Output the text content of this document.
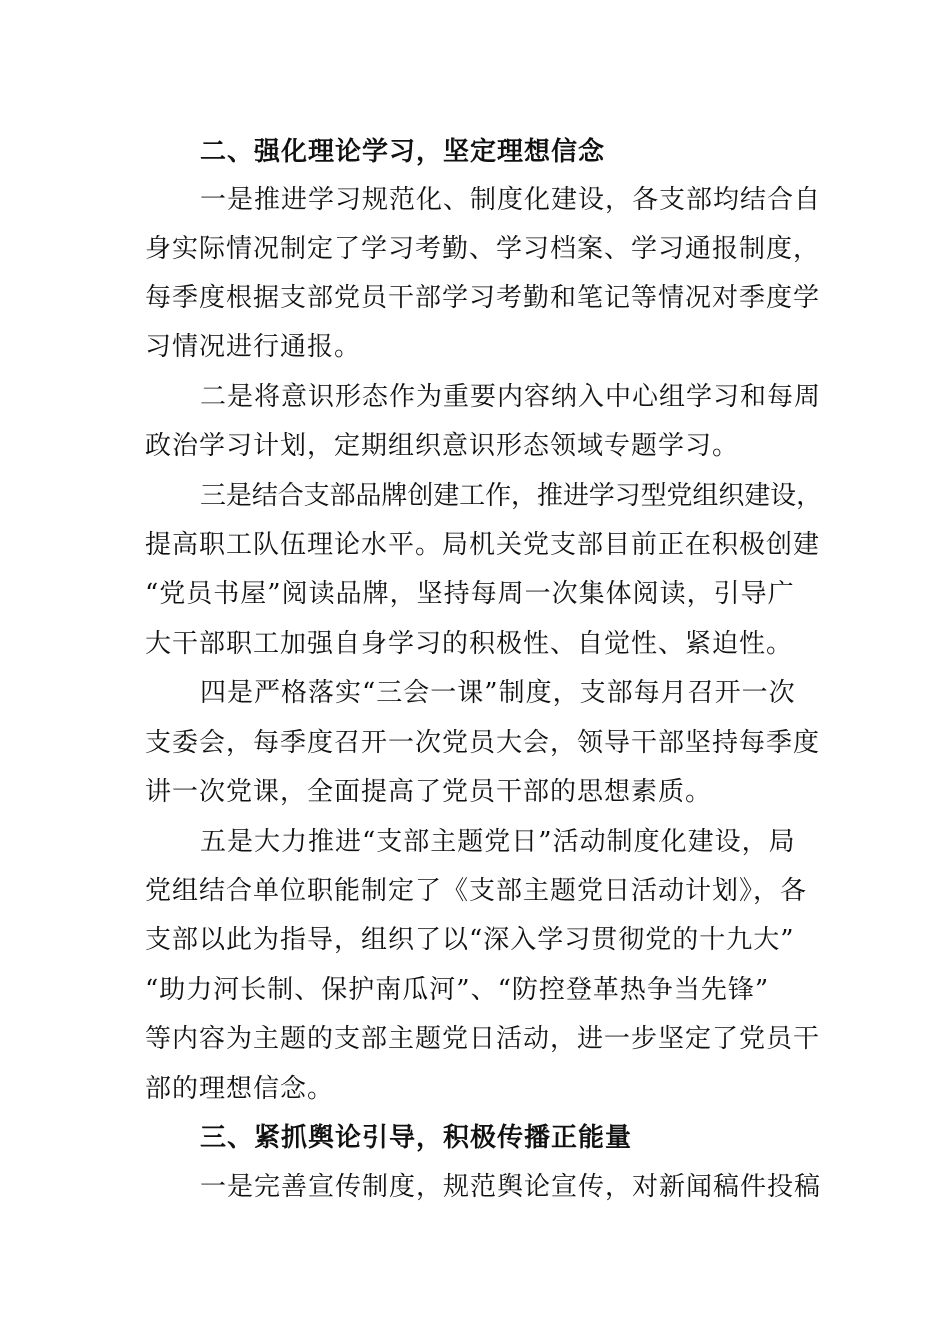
二、强化理论学习，坚定理想信念
一是推进学习规范化、制度化建设，各支部均结合自
身实际情况制定了学习考勤、学习档案、学习通报制度，
每季度根据支部党员干部学习考勤和笔记等情况对季度学
习情况进行通报。
二是将意识形态作为重要内容纳入中心组学习和每周
政治学习计划，定期组织意识形态领域专题学习。
三是结合支部品牌创建工作，推进学习型党组织建设，
提高职工队伍理论水平。局机关党支部目前正在积极创建
“党员书屋”阅读品牌，坚持每周一次集体阅读，引导广
大干部职工加强自身学习的积极性、自觉性、紧迫性。
四是严格落实“三会一课”制度，支部每月召开一次
支委会，每季度召开一次党员大会，领导干部坚持每季度
讲一次党课，全面提高了党员干部的思想素质。
五是大力推进“支部主题党日”活动制度化建设，局
党组结合单位职能制定了《支部主题党日活动计划》，各
支部以此为指导，组织了以“深入学习贯彻党的十九大”
“助力河长制、保护南瓜河”、“防控登革热争当先锋”
等内容为主题的支部主题党日活动，进一步坚定了党员干
部的理想信念。
三、紧抓舆论引导，积极传播正能量
一是完善宣传制度，规范舆论宣传，对新闻稿件投稿
